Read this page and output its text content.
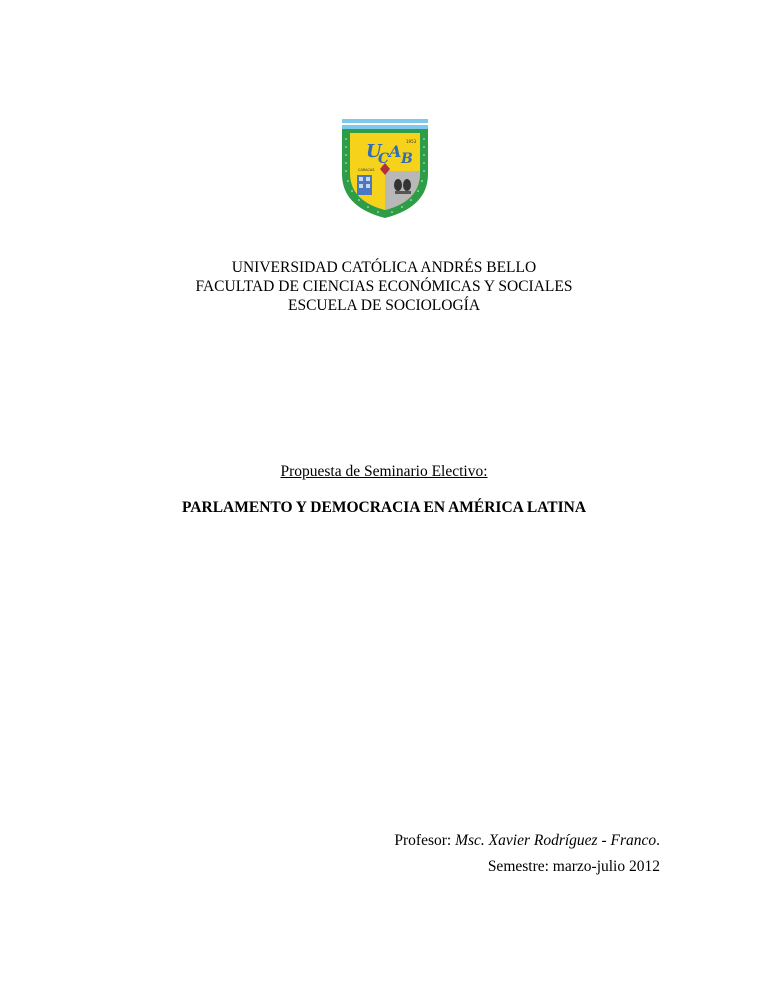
U
C A B
1953
CARACAS
UNIVERSIDAD CATÓLICA ANDRÉS BELLO
FACULTAD DE CIENCIAS ECONÓMICAS Y SOCIALES
ESCUELA DE SOCIOLOGÍA
Propuesta de Seminario Electivo:
PARLAMENTO Y DEMOCRACIA EN AMÉRICA LATINA
Profesor: Msc. Xavier Rodríguez - Franco.
Semestre: marzo-julio 2012
